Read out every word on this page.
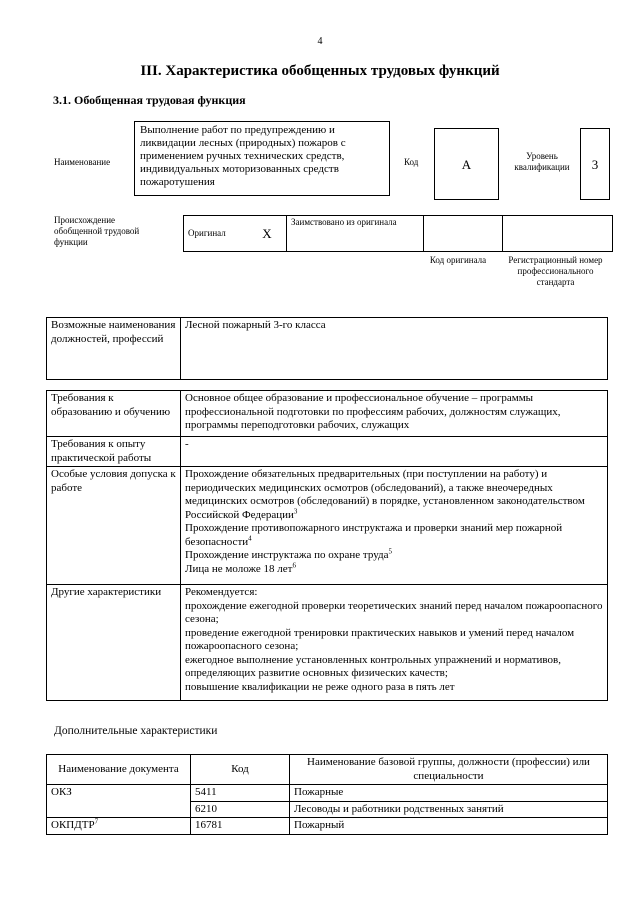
4
III. Характеристика обобщенных трудовых функций
3.1. Обобщенная трудовая функция
Наименование
Выполнение работ по предупреждению и ликвидации лесных (природных) пожаров с применением ручных технических средств, индивидуальных моторизованных средств пожаротушения
Код	А
Уровень квалификации	3
Происхождение обобщенной трудовой функции
Оригинал	X	Заимствовано из оригинала		
Код оригинала	Регистрационный номер профессионального стандарта
Возможные наименования должностей, профессий	Лесной пожарный 3-го класса
Требования к образованию и обучению	Основное общее образование и профессиональное обучение – программы профессиональной подготовки по профессиям рабочих, должностям служащих, программы переподготовки рабочих, служащих

Требования к опыту практической работы	-

Особые условия допуска к работе	Прохождение обязательных предварительных (при поступлении на работу) и периодических медицинских осмотров (обследований), а также внеочередных медицинских осмотров (обследований) в порядке, установленном законодательством Российской Федерации$^3$
Прохождение противопожарного инструктажа и проверки знаний мер пожарной безопасности$^4$
Прохождение инструктажа по охране труда$^5$
Лица не моложе 18 лет$^6$

Другие характеристики	Рекомендуется:
прохождение ежегодной проверки теоретических знаний перед началом пожароопасного сезона;
проведение ежегодной тренировки практических навыков и умений перед началом пожароопасного сезона;
ежегодное выполнение установленных контрольных упражнений и нормативов, определяющих развитие основных физических качеств;
повышение квалификации не реже одного раза в пять лет
Дополнительные характеристики
Наименование документа	Код	Наименование базовой группы, должности (профессии) или специальности
ОКЗ	5411	Пожарные
	6210	Лесоводы и работники родственных занятий
ОКПДТР$^7$	16781	Пожарный
